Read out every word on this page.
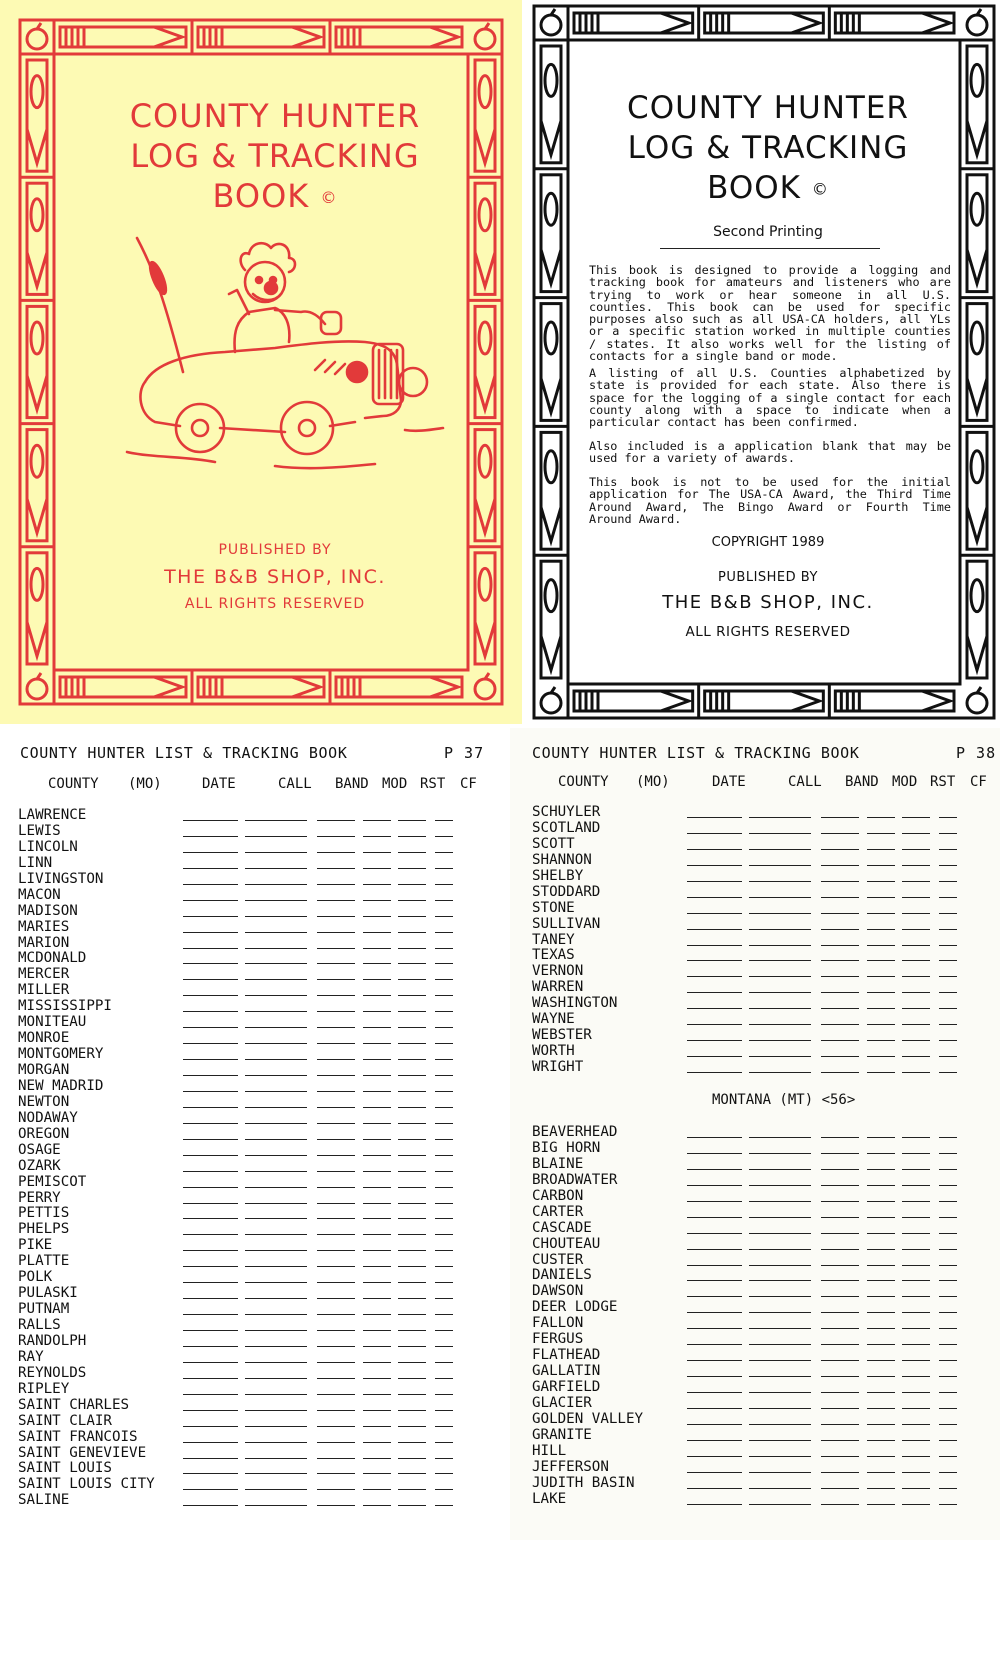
COUNTY HUNTER
LOG & TRACKING
BOOK ©
PUBLISHED BY
THE B&B SHOP, INC.
ALL RIGHTS RESERVED
COUNTY HUNTER
LOG & TRACKING
BOOK ©
Second Printing

This book is designed to provide a logging and tracking book for amateurs and listeners who are trying to work or hear someone in all U.S. counties. This book can be used for specific purposes also such as all USA-CA holders, all YLs or a specific station worked in multiple counties / states. It also works well for the listing of contacts for a single band or mode.

A listing of all U.S. Counties alphabetized by state is provided for each state. Also there is space for the logging of a single contact for each county along with a space to indicate when a particular contact has been confirmed.

Also included is a application blank that may be used for a variety of awards.

This book is not to be used for the initial application for The USA-CA Award, the Third Time Around Award, The Bingo Award or Fourth Time Around Award.

COPYRIGHT 1989
PUBLISHED BY
THE B&B SHOP, INC.
ALL RIGHTS RESERVED
COUNTY HUNTER LIST & TRACKING BOOK	P 37
COUNTY (MO)	DATE	CALL BAND MOD RST CF
LAWRENCE
LEWIS
LINCOLN
LINN
LIVINGSTON
MACON
MADISON
MARIES
MARION
MCDONALD
MERCER
MILLER
MISSISSIPPI
MONITEAU
MONROE
MONTGOMERY
MORGAN
NEW MADRID
NEWTON
NODAWAY
OREGON
OSAGE
OZARK
PEMISCOT
PERRY
PETTIS
PHELPS
PIKE
PLATTE
POLK
PULASKI
PUTNAM
RALLS
RANDOLPH
RAY
REYNOLDS
RIPLEY
SAINT CHARLES
SAINT CLAIR
SAINT FRANCOIS
SAINT GENEVIEVE
SAINT LOUIS
SAINT LOUIS CITY
SALINE
COUNTY HUNTER LIST & TRACKING BOOK	P 38
COUNTY (MO)	DATE	CALL BAND MOD RST CF
SCHUYLER
SCOTLAND
SCOTT
SHANNON
SHELBY
STODDARD
STONE
SULLIVAN
TANEY
TEXAS
VERNON
WARREN
WASHINGTON
WAYNE
WEBSTER
WORTH
WRIGHT
MONTANA (MT) <56>
BEAVERHEAD
BIG HORN
BLAINE
BROADWATER
CARBON
CARTER
CASCADE
CHOUTEAU
CUSTER
DANIELS
DAWSON
DEER LODGE
FALLON
FERGUS
FLATHEAD
GALLATIN
GARFIELD
GLACIER
GOLDEN VALLEY
GRANITE
HILL
JEFFERSON
JUDITH BASIN
LAKE
